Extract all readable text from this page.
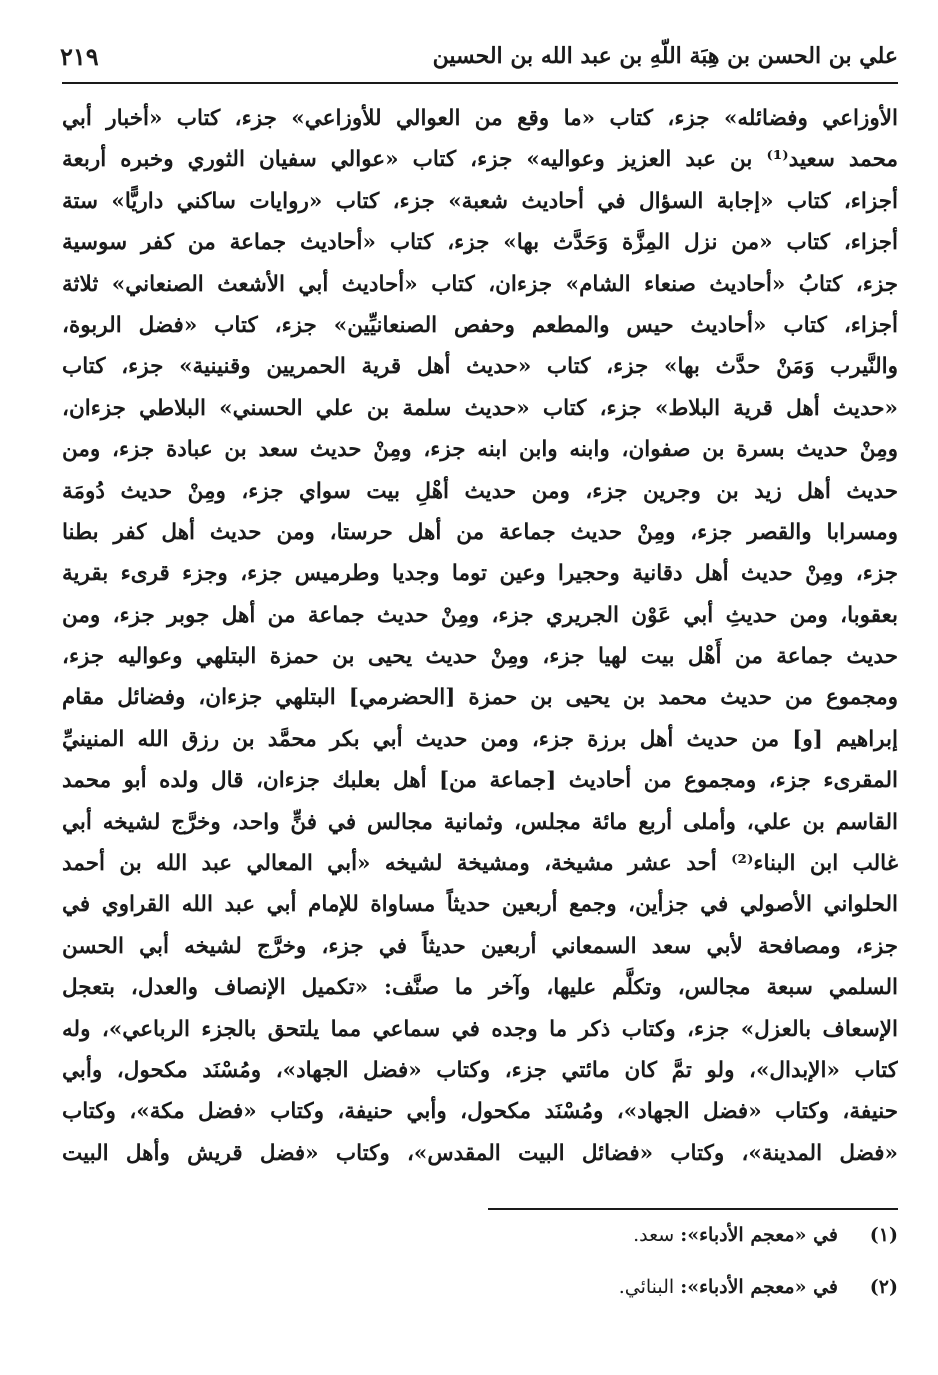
علي بن الحسن بن هِبَة اللّهِ بن عبد الله بن الحسين
٢١٩
الأوزاعي وفضائله» جزء، كتاب «ما وقع من العوالي للأوزاعي» جزء، كتاب «أخبار أبي
محمد سعيد⁽¹⁾ بن عبد العزيز وعواليه» جزء، كتاب «عوالي سفيان الثوري وخبره أربعة
أجزاء، كتاب «إجابة السؤال في أحاديث شعبة» جزء، كتاب «روايات ساكني داريًّا» ستة
أجزاء، كتاب «من نزل المِزَّة وَحَدَّث بها» جزء، كتاب «أحاديث جماعة من كفر سوسية
جزء، كتابُ «أحاديث صنعاء الشام» جزءان، كتاب «أحاديث أبي الأشعث الصنعاني» ثلاثة
أجزاء، كتاب «أحاديث حيس والمطعم وحفص الصنعانيِّين» جزء، كتاب «فضل الربوة،
والنَّيرب وَمَنْ حدَّث بها» جزء، كتاب «حديث أهل قرية الحمريين وقنينية» جزء، كتاب
«حديث أهل قرية البلاط» جزء، كتاب «حديث سلمة بن علي الحسني» البلاطي جزءان،
ومِنْ حديث بسرة بن صفوان، وابنه وابن ابنه جزء، ومِنْ حديث سعد بن عبادة جزء، ومن
حديث أهل زيد بن وجرين جزء، ومن حديث أهْلِ بيت سواي جزء، ومِنْ حديث دُومَة
ومسرابا والقصر جزء، ومِنْ حديث جماعة من أهل حرستا، ومن حديث أهل كفر بطنا
جزء، ومِنْ حديث أهل دقانية وحجيرا وعين توما وجديا وطرميس جزء، وجزء قرىء بقرية
بعقوبا، ومن حديثِ أبي عَوْن الجريري جزء، ومِنْ حديث جماعة من أهل جوبر جزء، ومن
حديث جماعة من أَهْل بيت لهيا جزء، ومِنْ حديث يحيى بن حمزة البتلهي وعواليه جزء،
ومجموع من حديث محمد بن يحيى بن حمزة [الحضرمي] البتلهي جزءان، وفضائل مقام
إبراهيم [و] من حديث أهل برزة جزء، ومن حديث أبي بكر محمَّد بن رزق الله المنينيِّ
المقرىء جزء، ومجموع من أحاديث [جماعة من] أهل بعلبك جزءان، قال ولده أبو محمد
القاسم بن علي، وأملى أربع مائة مجلس، وثمانية مجالس في فنٍّ واحد، وخرَّج لشيخه أبي
غالب ابن البناء⁽²⁾ أحد عشر مشيخة، ومشيخة لشيخه «أبي المعالي عبد الله بن أحمد
الحلواني الأصولي في جزأين، وجمع أربعين حديثاً مساواة للإمام أبي عبد الله القراوي في
جزء، ومصافحة لأبي سعد السمعاني أربعين حديثاً في جزء، وخرَّج لشيخه أبي الحسن
السلمي سبعة مجالس، وتكلَّم عليها، وآخر ما صنَّف: «تكميل الإنصاف والعدل، بتعجل
الإسعاف بالعزل» جزء، وكتاب ذكر ما وجده في سماعي مما يلتحق بالجزء الرباعي»، وله
كتاب «الإبدال»، ولو تمَّ كان مائتي جزء، وكتاب «فضل الجهاد»، ومُسْنَد مكحول، وأبي
حنيفة، وكتاب «فضل الجهاد»، ومُسْنَد مكحول، وأبي حنيفة، وكتاب «فضل مكة»، وكتاب
«فضل المدينة»، وكتاب «فضائل البيت المقدس»، وكتاب «فضل قريش وأهل البيت
(١)
في «معجم الأدباء»: سعد.
(٢)
في «معجم الأدباء»: البنائي.
